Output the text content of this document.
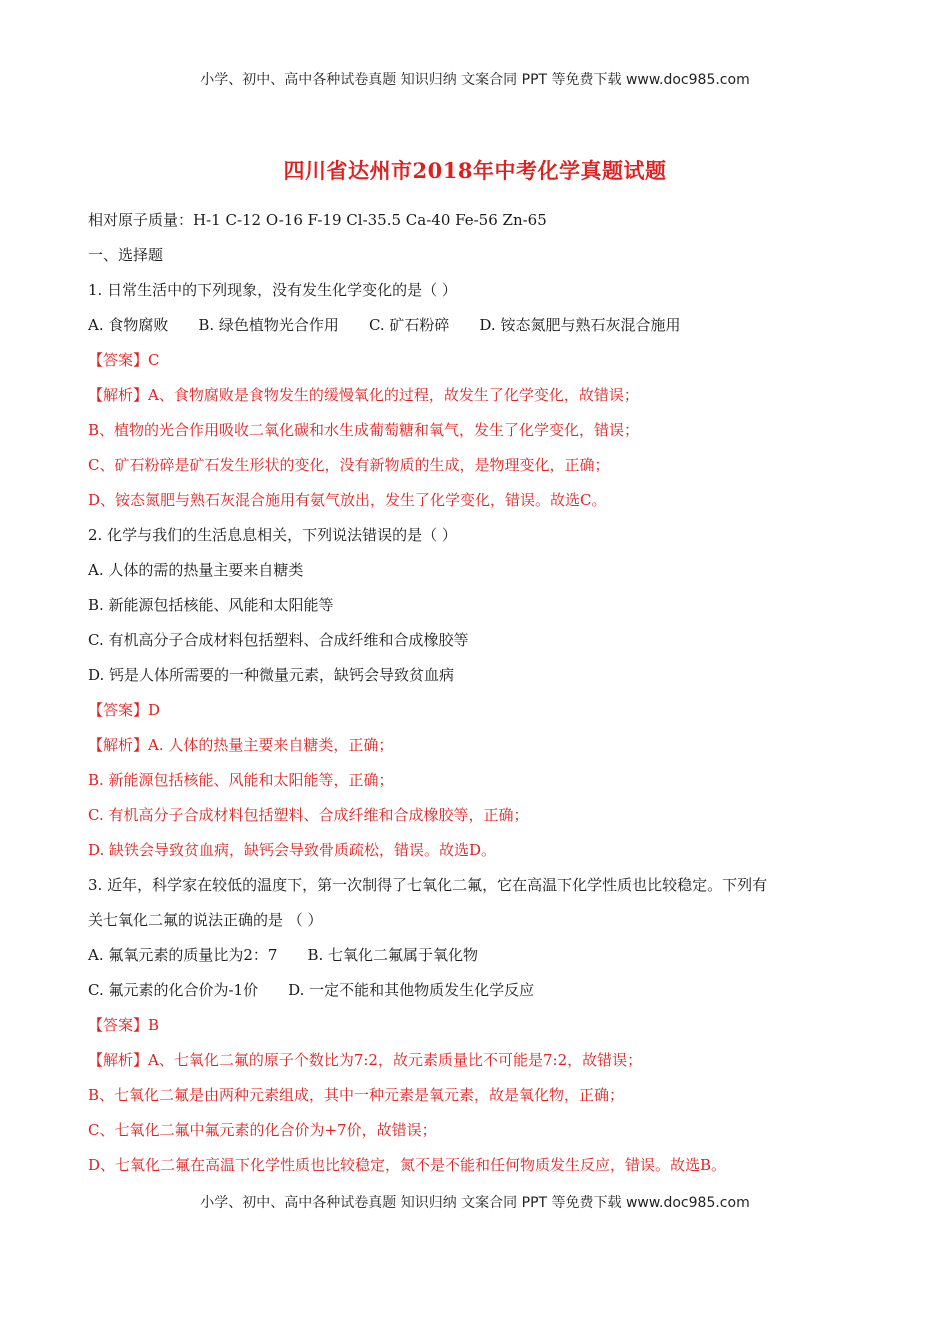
小学、初中、高中各种试卷真题 知识归纳 文案合同 PPT 等免费下载 www.doc985.com
四川省达州市2018年中考化学真题试题
相对原子质量：H-1 C-12 O-16 F-19 Cl-35.5 Ca-40 Fe-56 Zn-65
一、选择题
1. 日常生活中的下列现象，没有发生化学变化的是（ ）
A. 食物腐败 B. 绿色植物光合作用 C. 矿石粉碎 D. 铵态氮肥与熟石灰混合施用
【答案】C
【解析】A、食物腐败是食物发生的缓慢氧化的过程，故发生了化学变化，故错误；
B、植物的光合作用吸收二氧化碳和水生成葡萄糖和氧气，发生了化学变化，错误；
C、矿石粉碎是矿石发生形状的变化，没有新物质的生成，是物理变化，正确；
D、铵态氮肥与熟石灰混合施用有氨气放出，发生了化学变化，错误。故选C。
2. 化学与我们的生活息息相关，下列说法错误的是（ ）
A. 人体的需的热量主要来自糖类
B. 新能源包括核能、风能和太阳能等
C. 有机高分子合成材料包括塑料、合成纤维和合成橡胶等
D. 钙是人体所需要的一种微量元素，缺钙会导致贫血病
【答案】D
【解析】A. 人体的热量主要来自糖类，正确；
B. 新能源包括核能、风能和太阳能等，正确；
C. 有机高分子合成材料包括塑料、合成纤维和合成橡胶等，正确；
D. 缺铁会导致贫血病，缺钙会导致骨质疏松，错误。故选D。
3. 近年，科学家在较低的温度下，第一次制得了七氧化二氟，它在高温下化学性质也比较稳定。下列有
关七氧化二氟的说法正确的是 （ ）
A. 氟氧元素的质量比为2：7 B. 七氧化二氟属于氧化物
C. 氟元素的化合价为-1价 D. 一定不能和其他物质发生化学反应
【答案】B
【解析】A、七氧化二氟的原子个数比为7:2，故元素质量比不可能是7:2，故错误；
B、七氧化二氟是由两种元素组成，其中一种元素是氧元素，故是氧化物，正确；
C、七氧化二氟中氟元素的化合价为+7价，故错误；
D、七氧化二氟在高温下化学性质也比较稳定，氮不是不能和任何物质发生反应，错误。故选B。
小学、初中、高中各种试卷真题 知识归纳 文案合同 PPT 等免费下载 www.doc985.com
